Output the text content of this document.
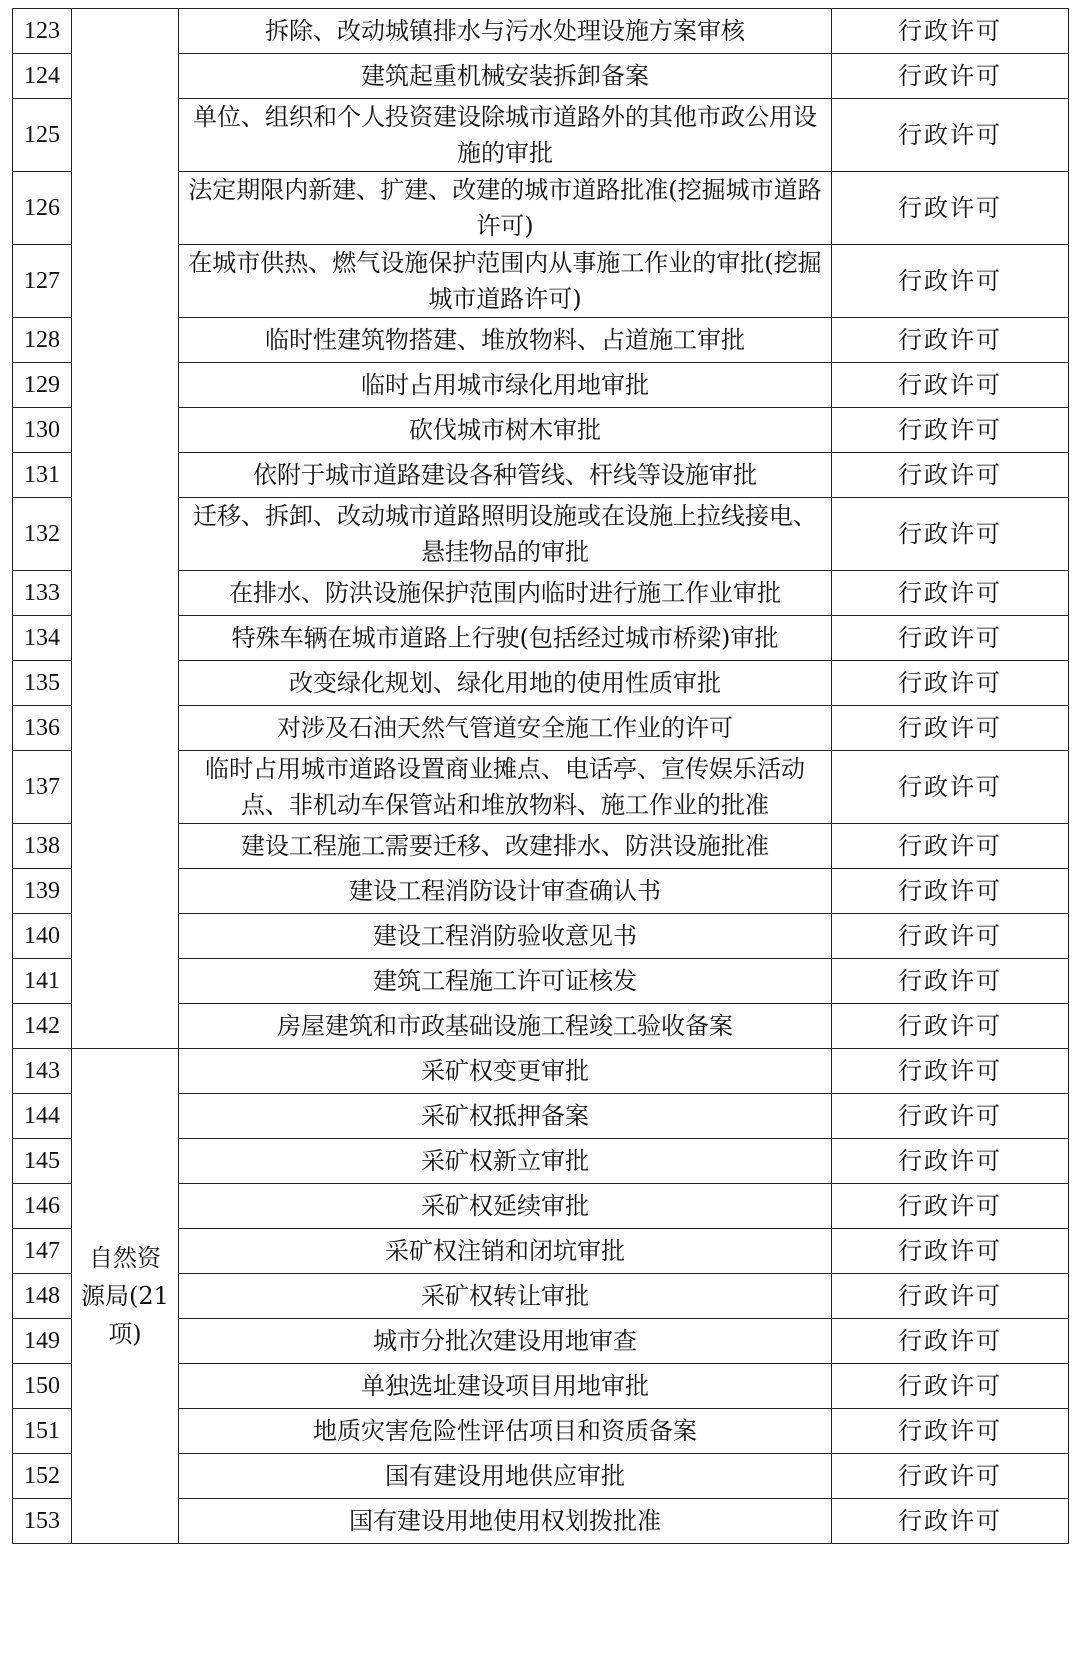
123		拆除、改动城镇排水与污水处理设施方案审核	行政许可
124		建筑起重机械安装拆卸备案	行政许可
125		单位、组织和个人投资建设除城市道路外的其他市政公用设施的审批	行政许可
126		法定期限内新建、扩建、改建的城市道路批准(挖掘城市道路许可)	行政许可
127		在城市供热、燃气设施保护范围内从事施工作业的审批(挖掘城市道路许可)	行政许可
128		临时性建筑物搭建、堆放物料、占道施工审批	行政许可
129		临时占用城市绿化用地审批	行政许可
130		砍伐城市树木审批	行政许可
131		依附于城市道路建设各种管线、杆线等设施审批	行政许可
132		迁移、拆卸、改动城市道路照明设施或在设施上拉线接电、悬挂物品的审批	行政许可
133		在排水、防洪设施保护范围内临时进行施工作业审批	行政许可
134		特殊车辆在城市道路上行驶(包括经过城市桥梁)审批	行政许可
135		改变绿化规划、绿化用地的使用性质审批	行政许可
136		对涉及石油天然气管道安全施工作业的许可	行政许可
137		临时占用城市道路设置商业摊点、电话亭、宣传娱乐活动点、非机动车保管站和堆放物料、施工作业的批准	行政许可
138		建设工程施工需要迁移、改建排水、防洪设施批准	行政许可
139		建设工程消防设计审查确认书	行政许可
140		建设工程消防验收意见书	行政许可
141		建筑工程施工许可证核发	行政许可
142		房屋建筑和市政基础设施工程竣工验收备案	行政许可
143	自然资源局(21项)	采矿权变更审批	行政许可
144		采矿权抵押备案	行政许可
145		采矿权新立审批	行政许可
146		采矿权延续审批	行政许可
147		采矿权注销和闭坑审批	行政许可
148		采矿权转让审批	行政许可
149		城市分批次建设用地审查	行政许可
150		单独选址建设项目用地审批	行政许可
151		地质灾害危险性评估项目和资质备案	行政许可
152		国有建设用地供应审批	行政许可
153		国有建设用地使用权划拨批准	行政许可
